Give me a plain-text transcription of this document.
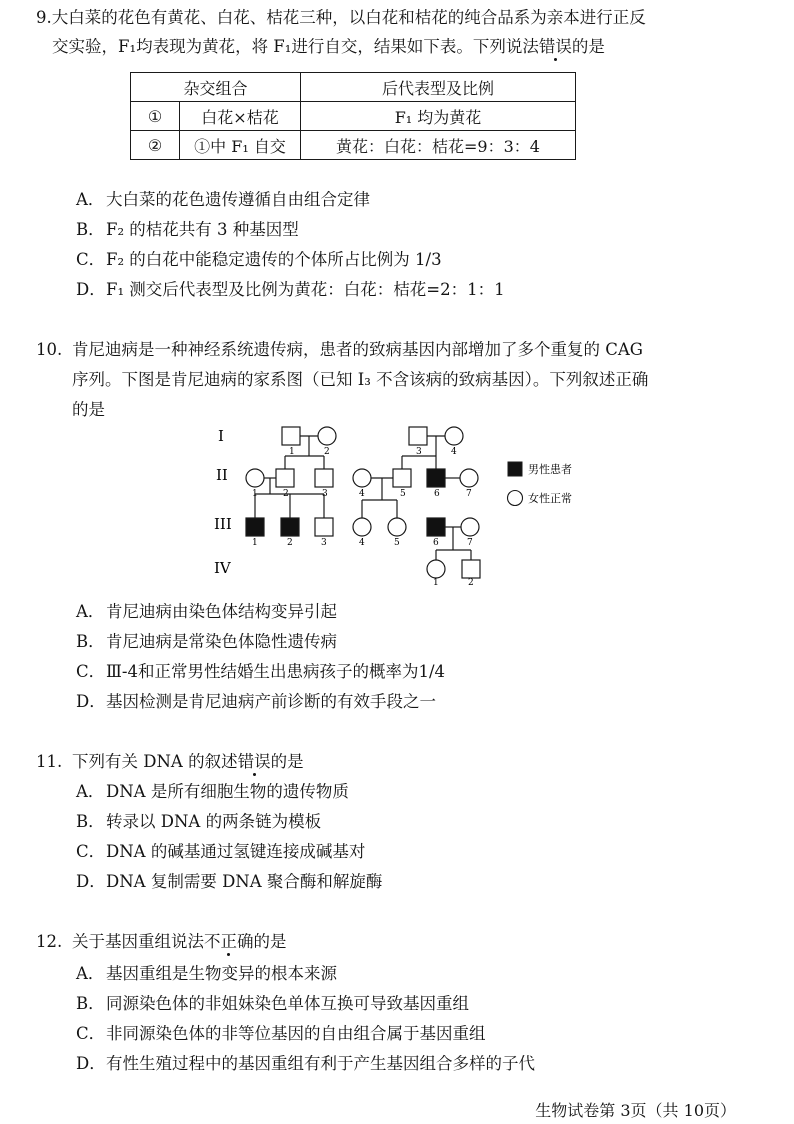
9.大白菜的花色有黄花、白花、桔花三种，以白花和桔花的纯合品系为亲本进行正反
交实验，F₁均表现为黄花，将 F₁进行自交，结果如下表。下列说法错误的是
杂交组合		后代表型及比例
①	白花×桔花	F₁ 均为黄花
②	①中 F₁ 自交	黄花：白花：桔花=9：3：4
A．大白菜的花色遗传遵循自由组合定律
B．F₂ 的桔花共有 3 种基因型
C．F₂ 的白花中能稳定遗传的个体所占比例为 1/3
D．F₁ 测交后代表型及比例为黄花：白花：桔花=2：1：1
10. 肯尼迪病是一种神经系统遗传病，患者的致病基因内部增加了多个重复的 CAG
序列。下图是肯尼迪病的家系图（已知 I₃ 不含该病的致病基因）。下列叙述正确
的是
I
II
III
IV
1	2	3	4
1	2	3	4	5	6	7
男性患者
女性正常
1	2	3	4	5	6	7
1	2
A．肯尼迪病由染色体结构变异引起
B．肯尼迪病是常染色体隐性遗传病
C．Ⅲ-4和正常男性结婚生出患病孩子的概率为1/4
D．基因检测是肯尼迪病产前诊断的有效手段之一
11. 下列有关 DNA 的叙述错误的是
A．DNA 是所有细胞生物的遗传物质
B．转录以 DNA 的两条链为模板
C．DNA 的碱基通过氢键连接成碱基对
D．DNA 复制需要 DNA 聚合酶和解旋酶
12. 关于基因重组说法不正确的是
A．基因重组是生物变异的根本来源
B．同源染色体的非姐妹染色单体互换可导致基因重组
C．非同源染色体的非等位基因的自由组合属于基因重组
D．有性生殖过程中的基因重组有利于产生基因组合多样的子代
生物试卷第 3页（共 10页）
